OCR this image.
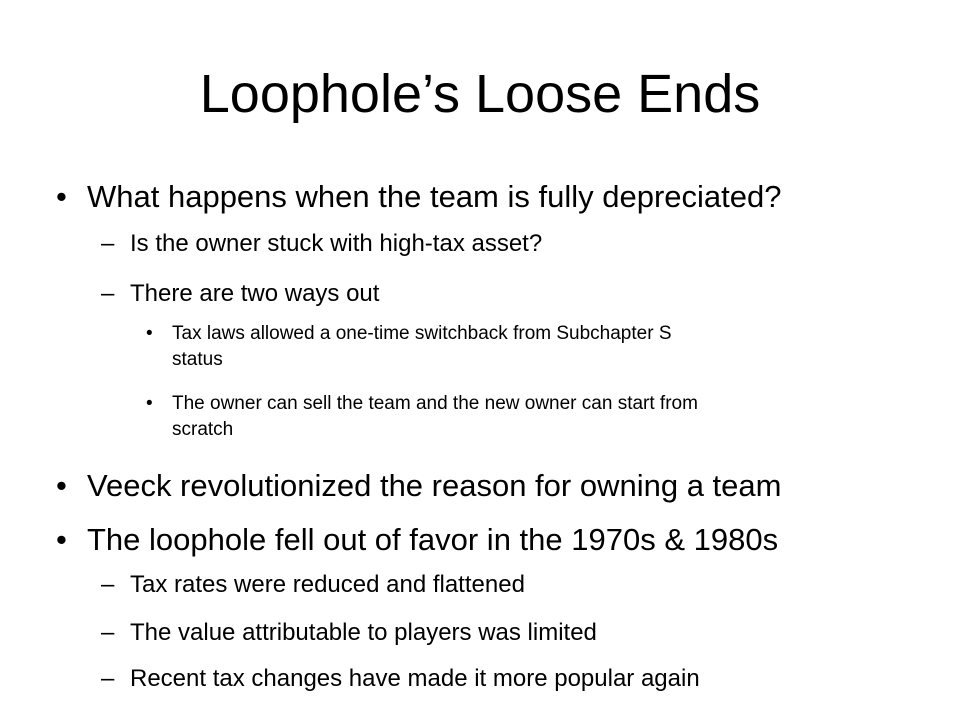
Loophole’s Loose Ends
• What happens when the team is fully depreciated?
– Is the owner stuck with high-tax asset?
– There are two ways out
• Tax laws allowed a one-time switchback from Subchapter S
status
• The owner can sell the team and the new owner can start from
scratch
• Veeck revolutionized the reason for owning a team
• The loophole fell out of favor in the 1970s & 1980s
– Tax rates were reduced and flattened
– The value attributable to players was limited
– Recent tax changes have made it more popular again
